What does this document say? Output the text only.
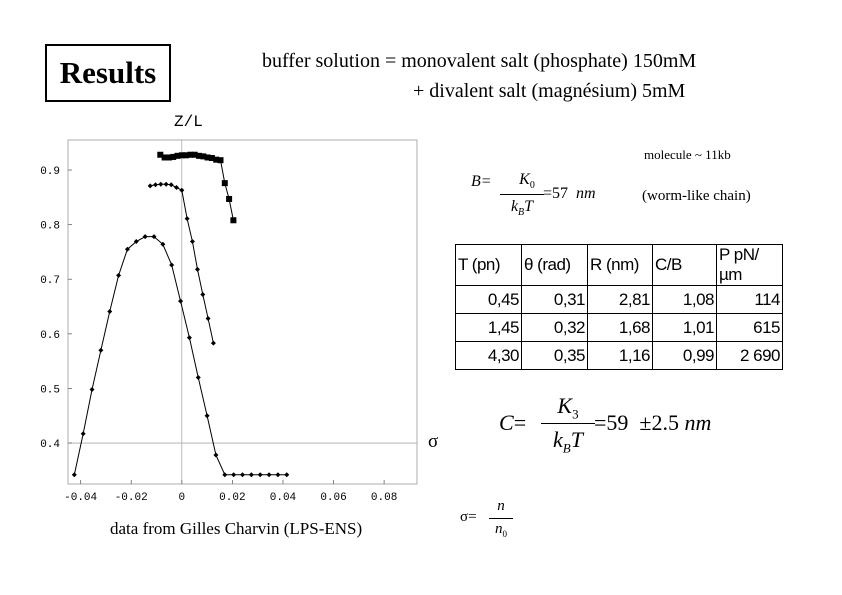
Results	buffer solution = monovalent salt (phosphate) 150mM
+ divalent salt (magnésium) 5mM
-0.04 -0.02	0	0.02 0.04 0.06 0.08
0.4
0.5
0.6
0.7
0.8
0.9
Z/L
σ
molecule ~ 11kb
B=	$K_0$
$k_BT$
=57 nm	(worm-like chain)
T (pn)	θ (rad)	R (nm)	C/B	P pN/µm
0,45	0,31	2,81	1,08	114
1,45	0,32	1,68	1,01	615
4,30	0,35	1,16	0,99	2 690
C=
$K_3$
$k_BT$
=59 ±2.5 nm
σ=
n
$n_0$
data from Gilles Charvin (LPS-ENS)
